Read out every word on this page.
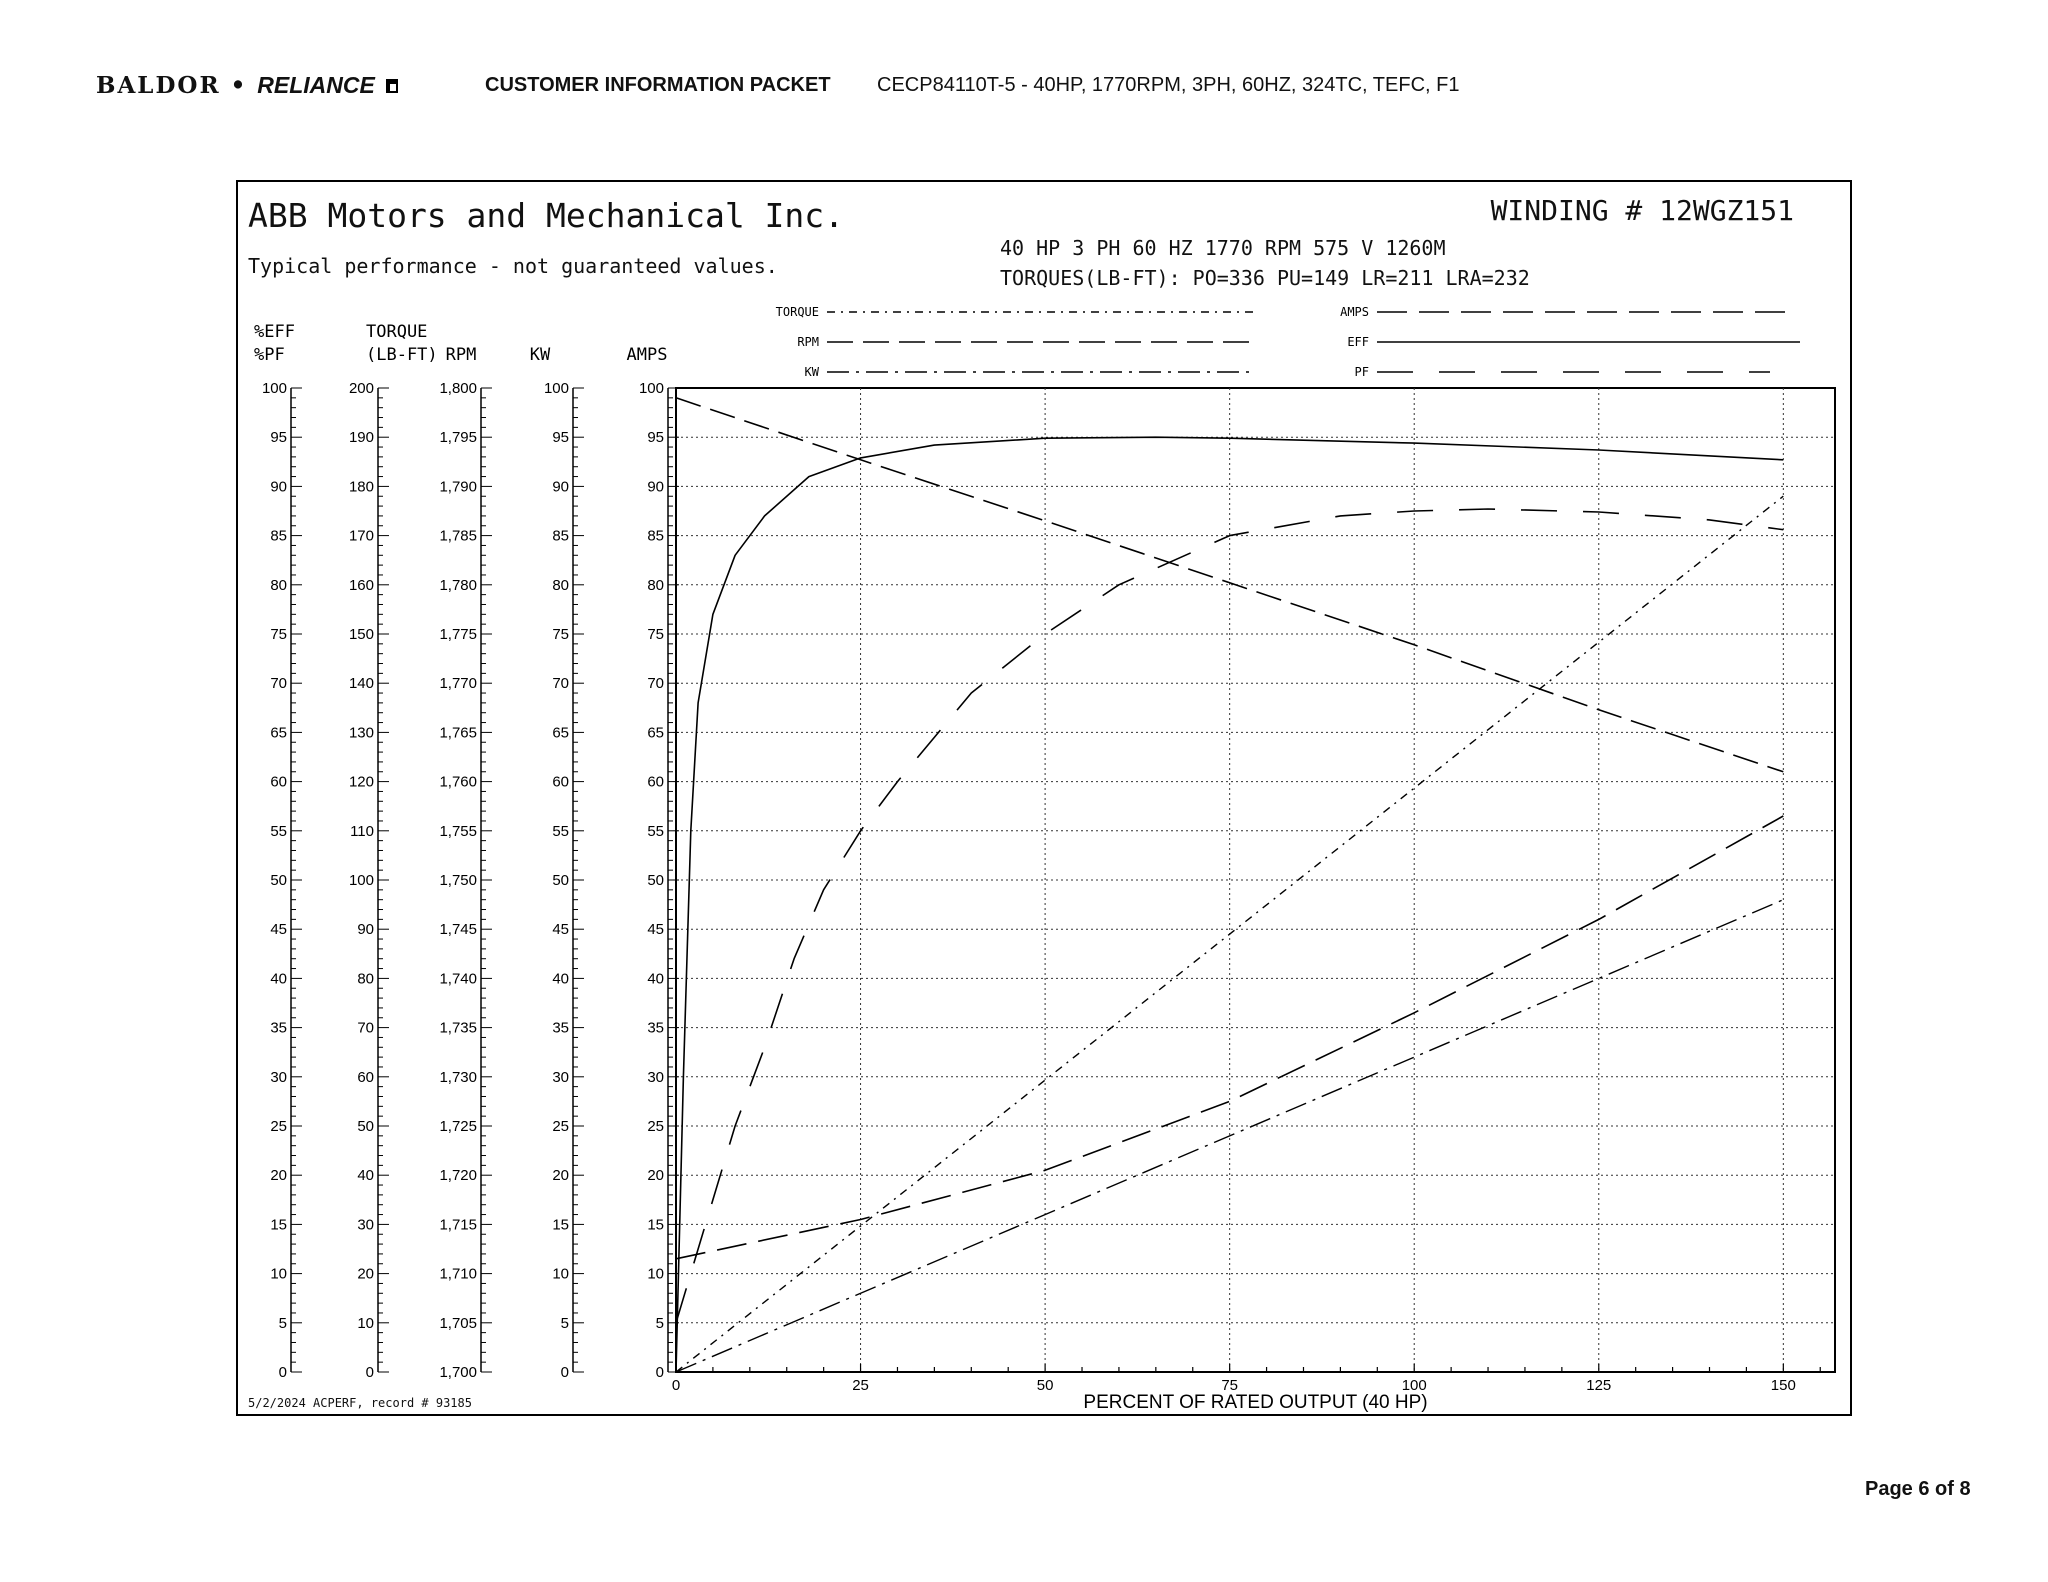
BALDOR • RELIANCE	CUSTOMER INFORMATION PACKET CECP84110T-5 - 40HP, 1770RPM, 3PH, 60HZ, 324TC, TEFC, F1
ABB Motors and Mechanical Inc.
Typical performance - not guaranteed values.
WINDING # 12WGZ151
40 HP 3 PH 60 HZ 1770 RPM 575 V 1260M
TORQUES(LB-FT): PO=336 PU=149 LR=211 LRA=232
5/2/2024 ACPERF, record # 93185
0	25	50	75	100	125	150
PERCENT OF RATED OUTPUT (40 HP)
0
5
10
15
20
25
30
35
40
45
50
55
60
65
70
75
80
85
90
95
100
0
10
20
30
40
50
60
70
80
90
100
110
120
130
140
150
160
170
180
190
200
1,700
1,705
1,710
1,715
1,720
1,725
1,730
1,735
1,740
1,745
1,750
1,755
1,760
1,765
1,770
1,775
1,780
1,785
1,790
1,795
1,800
0
5
10
15
20
25
30
35
40
45
50
55
60
65
70
75
80
85
90
95
100
0
5
10
15
20
25
30
35
40
45
50
55
60
65
70
75
80
85
90
95
100
%EFF
%PF
TORQUE
(LB-FT) RPM	KW	AMPS
TORQUE
RPM
KW
AMPS
EFF
PF
Page 6 of 8
